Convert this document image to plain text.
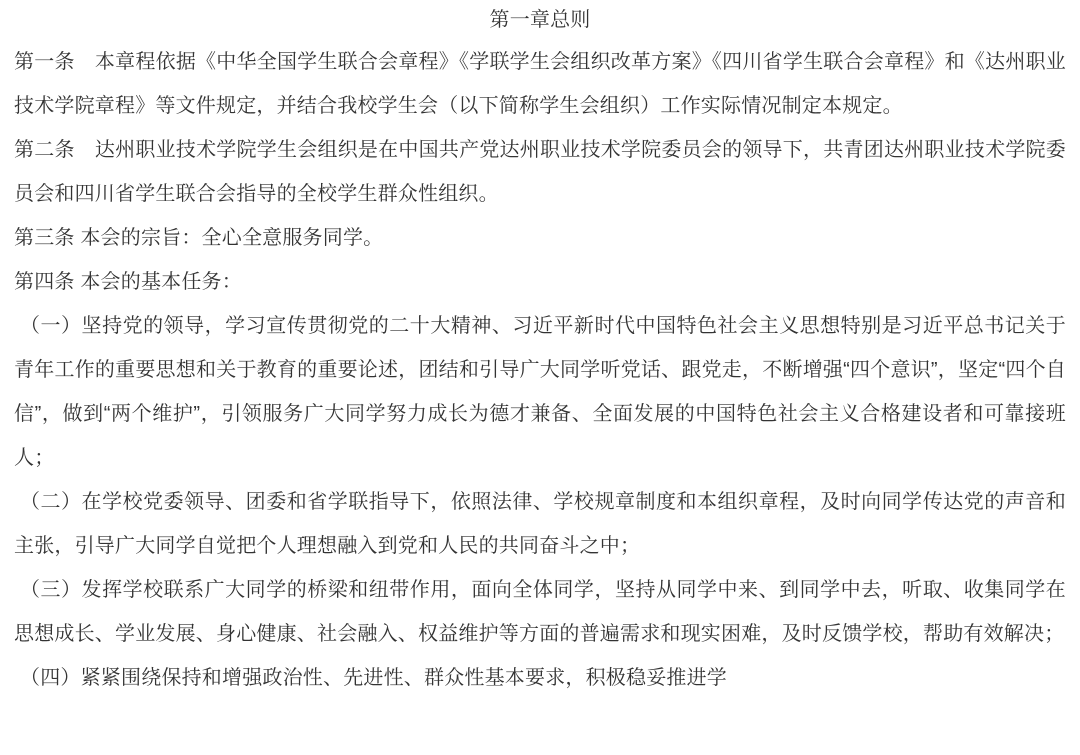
第一章总则

第一条　本章程依据《中华全国学生联合会章程》《学联学生会组织改革方案》《四川省学生联合会章程》和《达州职业技术学院章程》等文件规定，并结合我校学生会（以下简称学生会组织）工作实际情况制定本规定。

第二条　达州职业技术学院学生会组织是在中国共产党达州职业技术学院委员会的领导下，共青团达州职业技术学院委员会和四川省学生联合会指导的全校学生群众性组织。

第三条 本会的宗旨：全心全意服务同学。

第四条 本会的基本任务：

（一）坚持党的领导，学习宣传贯彻党的二十大精神、习近平新时代中国特色社会主义思想特别是习近平总书记关于青年工作的重要思想和关于教育的重要论述，团结和引导广大同学听党话、跟党走，不断增强“四个意识”，坚定“四个自信”，做到“两个维护”，引领服务广大同学努力成长为德才兼备、全面发展的中国特色社会主义合格建设者和可靠接班人；

（二）在学校党委领导、团委和省学联指导下，依照法律、学校规章制度和本组织章程，及时向同学传达党的声音和主张，引导广大同学自觉把个人理想融入到党和人民的共同奋斗之中；

（三）发挥学校联系广大同学的桥梁和纽带作用，面向全体同学，坚持从同学中来、到同学中去，听取、收集同学在思想成长、学业发展、身心健康、社会融入、权益维护等方面的普遍需求和现实困难，及时反馈学校，帮助有效解决；

（四）紧紧围绕保持和增强政治性、先进性、群众性基本要求，积极稳妥推进学
